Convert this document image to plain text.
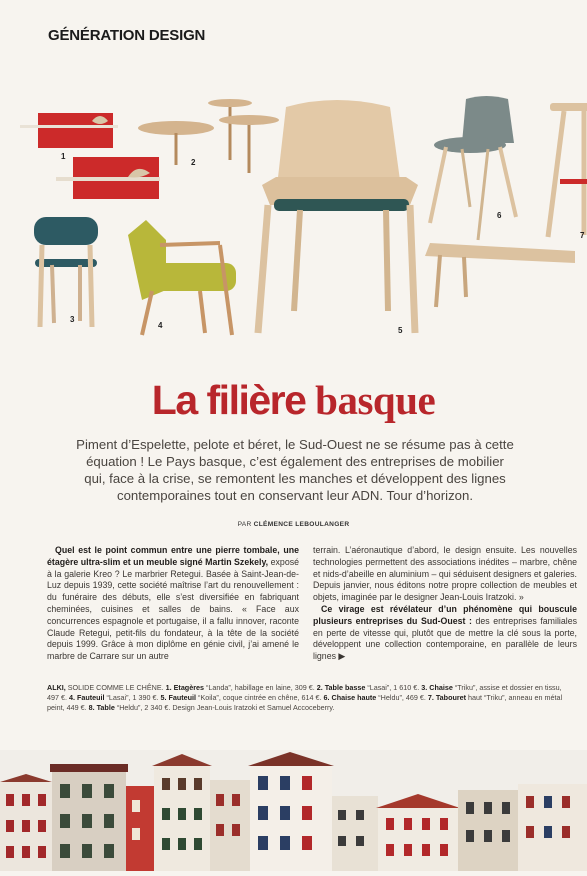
GÉNÉRATION DESIGN
1
2
3
4
5
6
7
La filière basque
Piment d’Espelette, pelote et béret, le Sud-Ouest ne se résume pas à cette équation ! Le Pays basque, c’est également des entreprises de mobilier qui, face à la crise, se remontent les manches et développent des lignes contemporaines tout en conservant leur ADN. Tour d’horizon.
PAR CLÉMENCE LEBOULANGER

Quel est le point commun entre une pierre tombale, une étagère ultra-slim et un meuble signé Martin Szekely, exposé à la galerie Kreo ? Le marbrier Retegui. Basée à Saint-Jean-de-Luz depuis 1939, cette société maîtrise l’art du renouvellement : du funéraire des débuts, elle s’est diversifiée en fabriquant cheminées, cuisines et salles de bains. « Face aux concurrences espagnole et portugaise, il a fallu innover, raconte Claude Retegui, petit-fils du fondateur, à la tête de la société depuis 1999. Grâce à mon diplôme en génie civil, j’ai amené le marbre de Carrare sur un autre

terrain. L’aéronautique d’abord, le design ensuite. Les nouvelles technologies permettent des associations inédites – marbre, chêne et nids-d’abeille en aluminium – qui séduisent designers et galeries. Depuis janvier, nous éditons notre propre collection de meubles et objets, imaginée par le designer Jean-Louis Iratzoki. »

Ce virage est révélateur d’un phénomène qui bouscule plusieurs entreprises du Sud-Ouest : des entreprises familiales en perte de vitesse qui, plutôt que de mettre la clé sous la porte, développent une collection contemporaine, en parallèle de leurs lignes ▶

ALKI, SOLIDE COMME LE CHÊNE. 1. Etagères “Landa”, habillage en laine, 309 €. 2. Table basse “Lasai”, 1 610 €. 3. Chaise “Triku”, assise et dossier en tissu, 497 €. 4. Fauteuil “Lasai”, 1 390 €. 5. Fauteuil “Koila”, coque cintrée en chêne, 614 €. 6. Chaise haute “Heldu”, 469 €. 7. Tabouret haut “Triku”, anneau en métal peint, 449 €. 8. Table “Heldu”, 2 340 €. Design Jean-Louis Iratzoki et Samuel Accoceberry.
